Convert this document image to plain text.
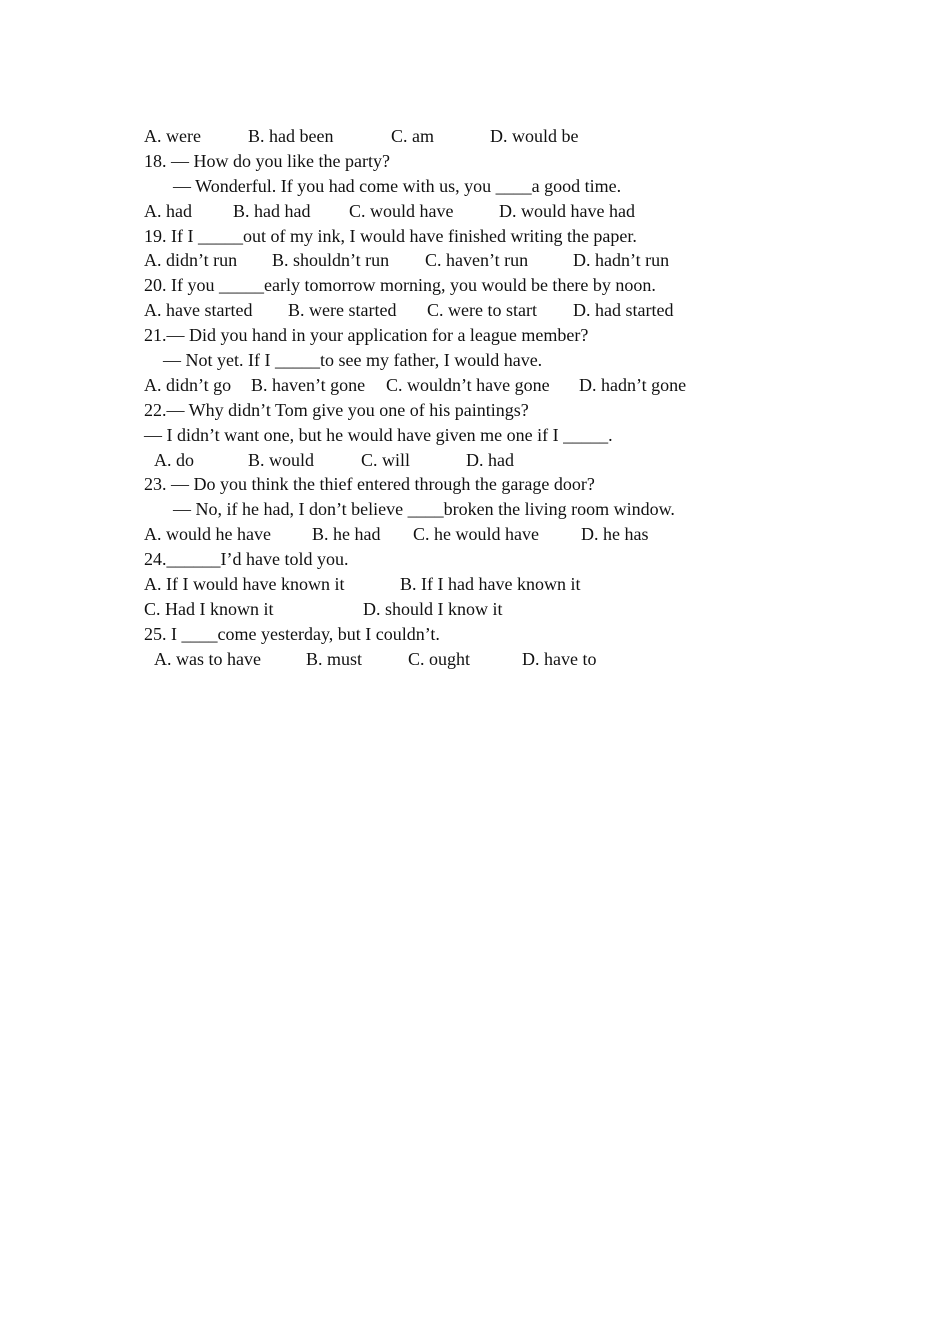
A. were	B. had been	C. am	D. would be
18. — How do you like the party?
— Wonderful. If you had come with us, you ____a good time.
A. had B. had had C. would have	D. would have had
19. If I _____out of my ink, I would have finished writing the paper.
A. didn’t run B. shouldn’t run C. haven’t run D. hadn’t run
20. If you _____early tomorrow morning, you would be there by noon.
A. have started B. were started C. were to start D. had started
21.— Did you hand in your application for a league member?
— Not yet. If I _____to see my father, I would have.
A. didn’t go B. haven’t gone C. wouldn’t have gone D. hadn’t gone
22.— Why didn’t Tom give you one of his paintings?
— I didn’t want one, but he would have given me one if I _____.
A. do	B. would	C. will	D. had
23. — Do you think the thief entered through the garage door?
— No, if he had, I don’t believe ____broken the living room window.
A. would he have B. he had C. he would have D. he has
24.______I’d have told you.
A. If I would have known it	B. If I had have known it
C. Had I known it	D. should I know it
25. I ____come yesterday, but I couldn’t.
A. was to have	B. must	C. ought	D. have to
